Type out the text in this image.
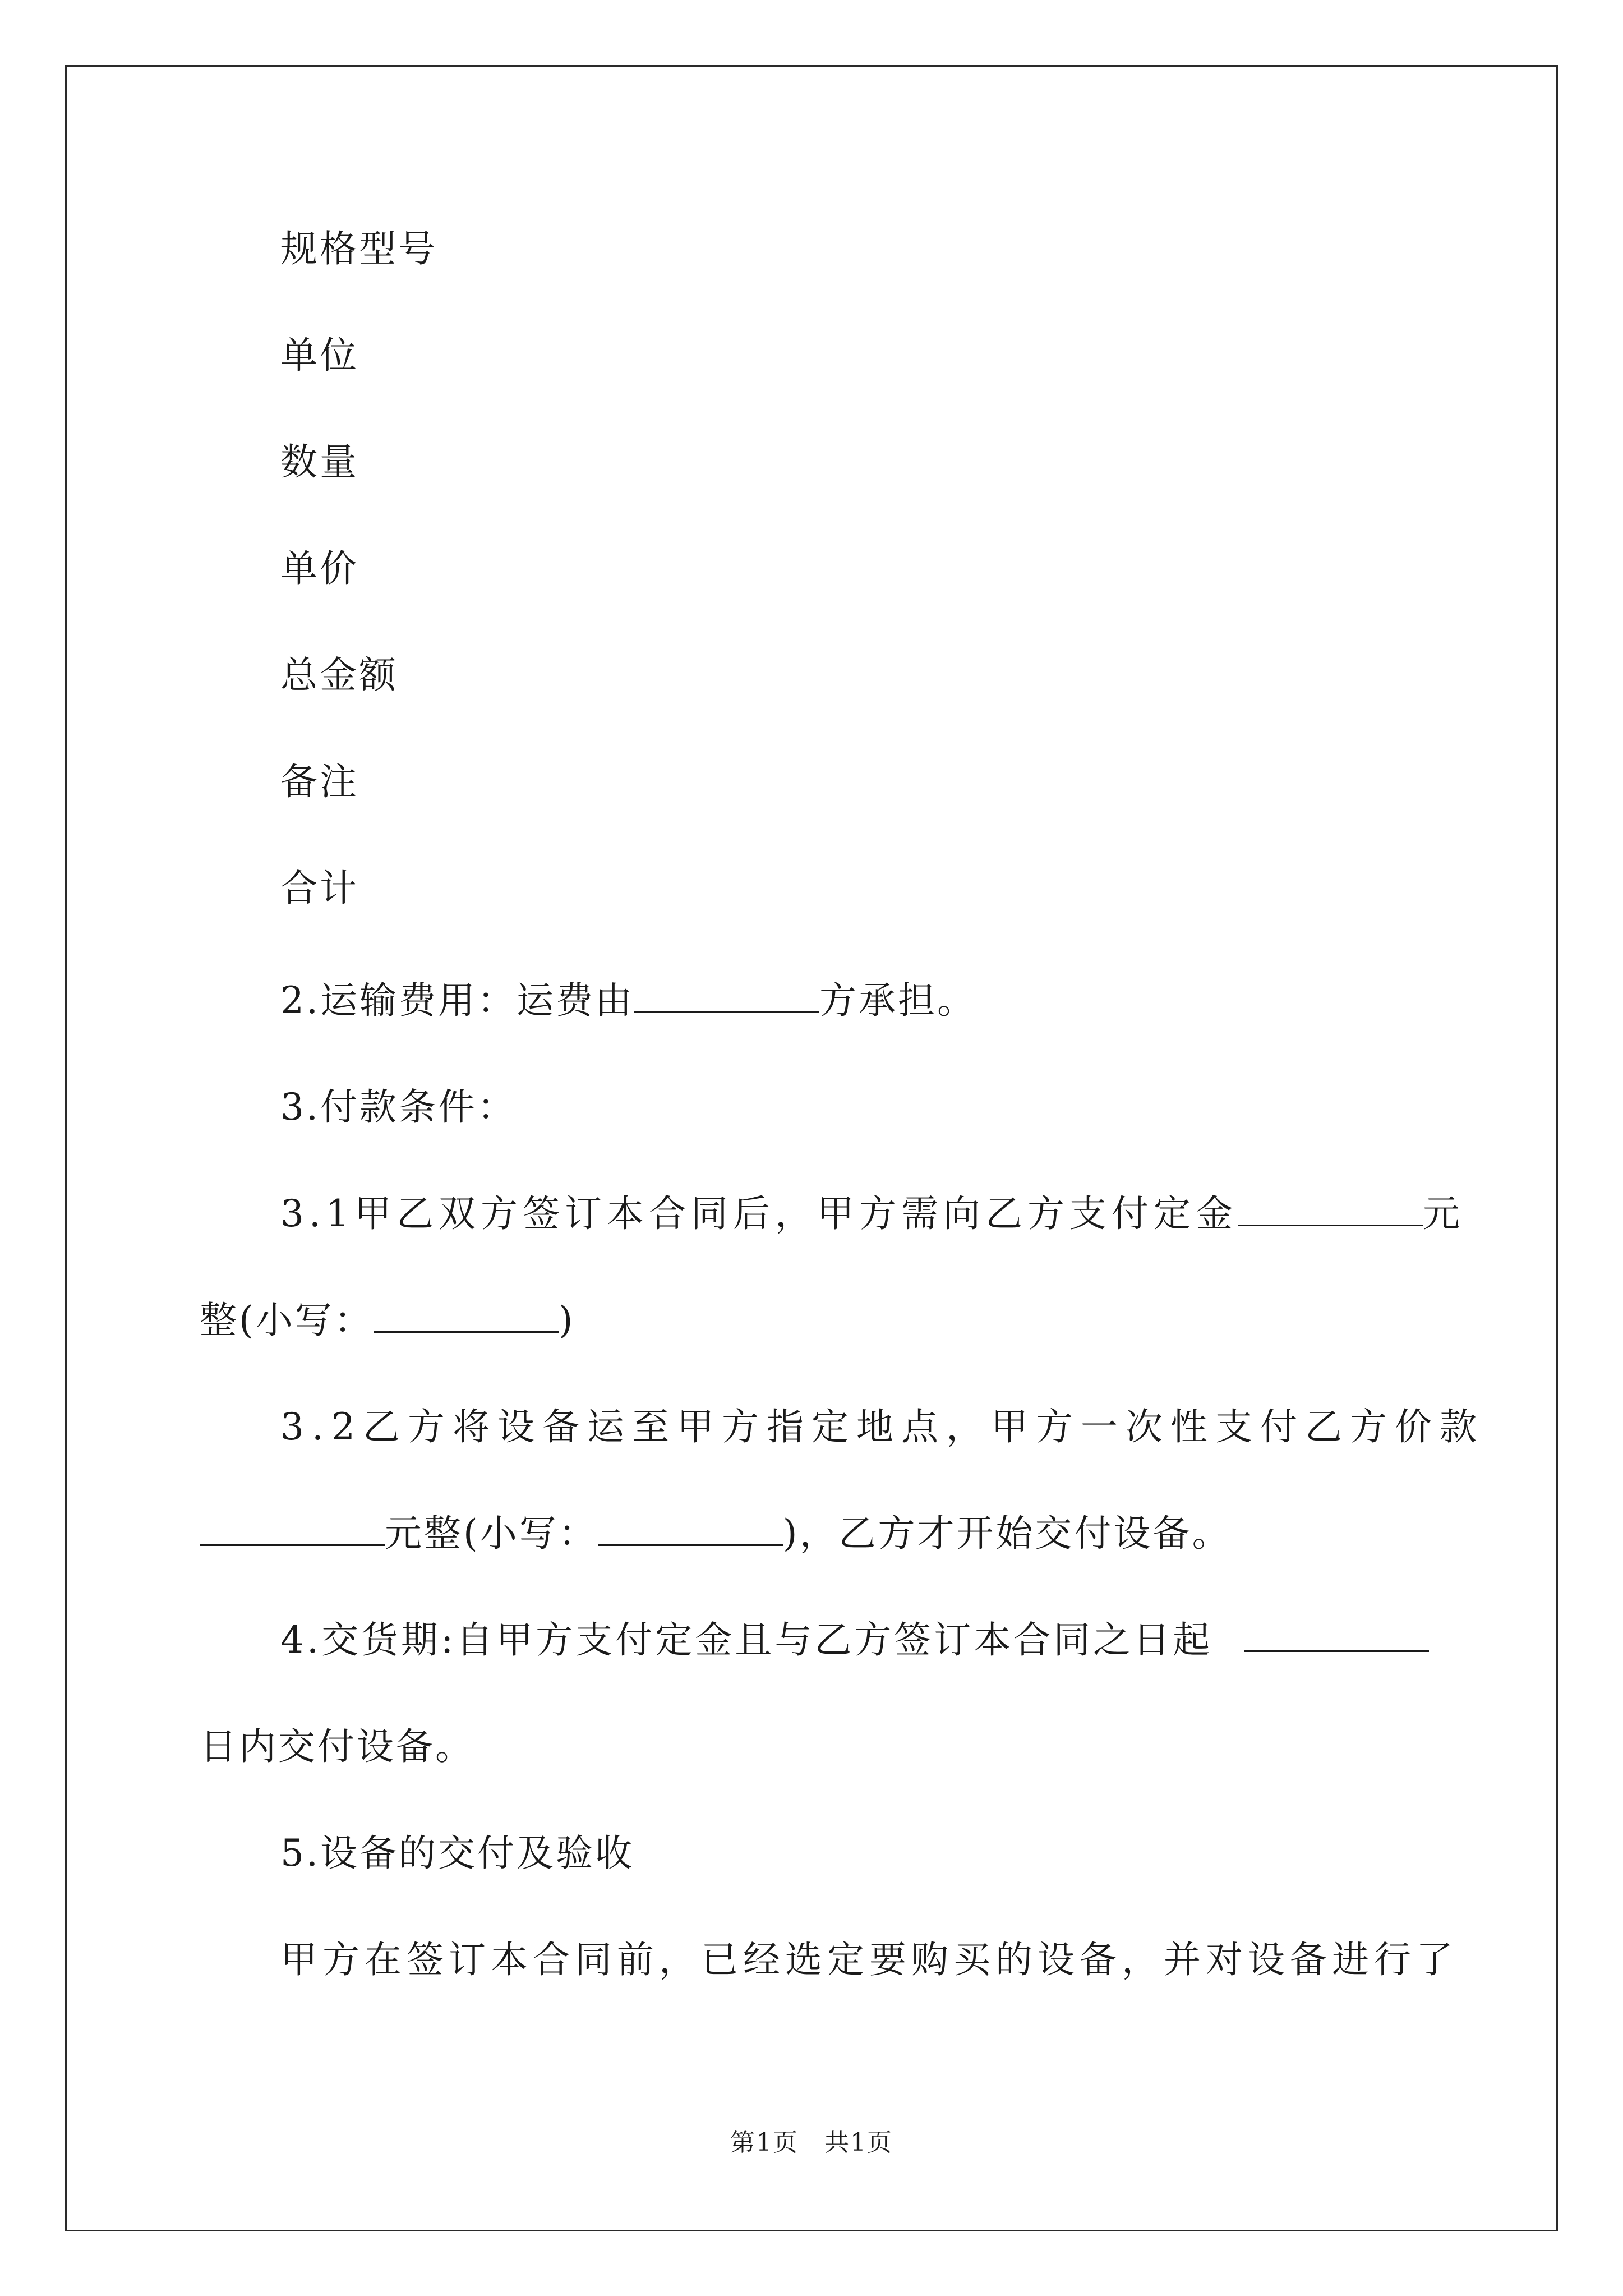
规格型号
单位
数量
单价
总金额
备注
合计
2.运输费用：运费由	方承担。
3.付款条件：
3.1甲乙双方签订本合同后，甲方需向乙方支付定金	元
整(小写：	)
3.2乙方将设备运至甲方指定地点，甲方一次性支付乙方价款
元整(小写：	)，乙方才开始交付设备。
4.交货期:自甲方支付定金且与乙方签订本合同之日起
日内交付设备。
5.设备的交付及验收
甲方在签订本合同前，已经选定要购买的设备，并对设备进行了
第1页　共1页
